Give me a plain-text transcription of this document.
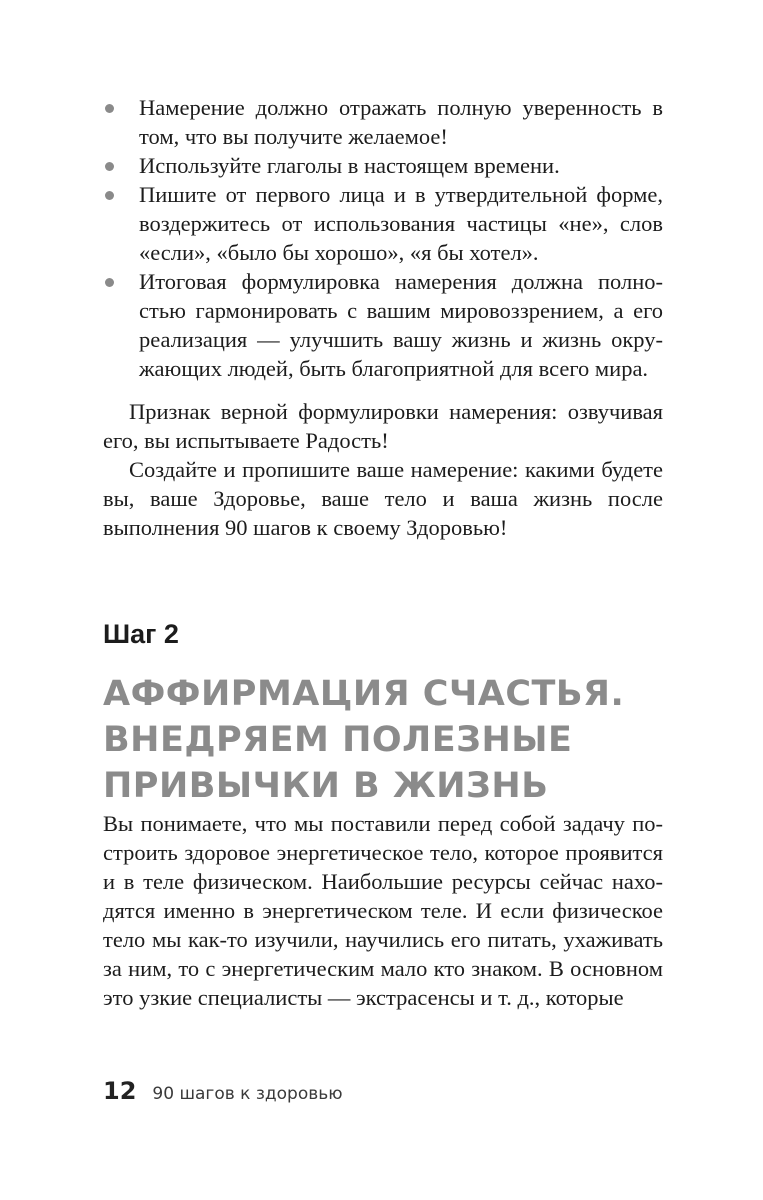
Намерение должно отражать полную уверенность в том, что вы получите желаемое!
Используйте глаголы в настоящем времени.
Пишите от первого лица и в утвердительной форме, воздержитесь от использования частицы «не», слов «если», «было бы хорошо», «я бы хотел».
Итоговая формулировка намерения должна полностью гармонировать с вашим мировоззрением, а его реализация — улучшить вашу жизнь и жизнь окружающих людей, быть благоприятной для всего мира.

Признак верной формулировки намерения: озвучивая его, вы испытываете Радость!

Создайте и пропишите ваше намерение: какими будете вы, ваше Здоровье, ваше тело и ваша жизнь после выполнения 90 шагов к своему Здоровью!

Шаг 2
АФФИРМАЦИЯ СЧАСТЬЯ.
ВНЕДРЯЕМ ПОЛЕЗНЫЕ
ПРИВЫЧКИ В ЖИЗНЬ

Вы понимаете, что мы поставили перед собой задачу построить здоровое энергетическое тело, которое проявится и в теле физическом. Наибольшие ресурсы сейчас находятся именно в энергетическом теле. И если физическое тело мы как-то изучили, научились его питать, ухаживать за ним, то с энергетическим мало кто знаком. В основном это узкие специалисты — экстрасенсы и т. д., которые

12 90 шагов к здоровью
